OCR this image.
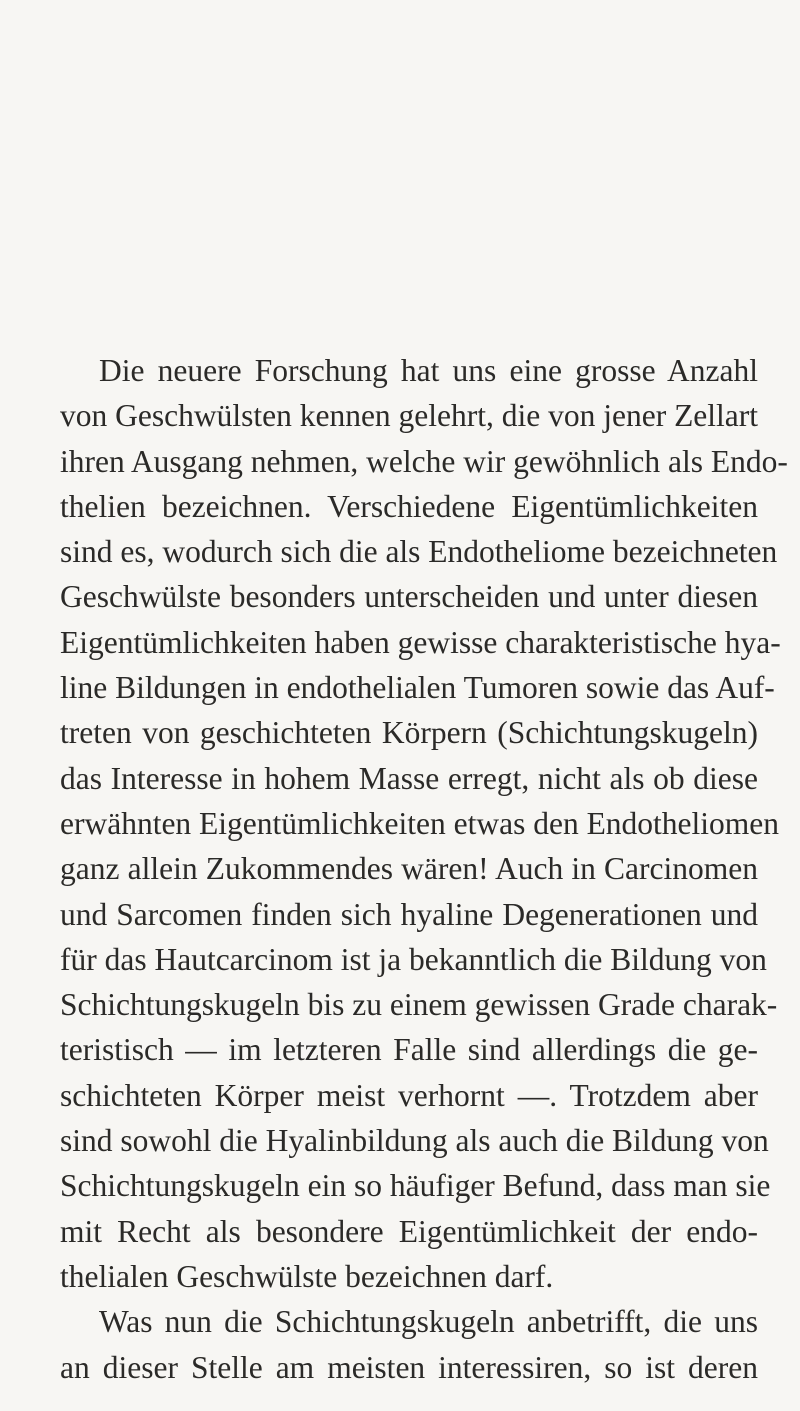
Die neuere Forschung hat uns eine grosse Anzahl
von Geschwülsten kennen gelehrt, die von jener Zellart
ihren Ausgang nehmen, welche wir gewöhnlich als Endo-
thelien bezeichnen. Verschiedene Eigentümlichkeiten
sind es, wodurch sich die als Endotheliome bezeichneten
Geschwülste besonders unterscheiden und unter diesen
Eigentümlichkeiten haben gewisse charakteristische hya-
line Bildungen in endothelialen Tumoren sowie das Auf-
treten von geschichteten Körpern (Schichtungskugeln)
das Interesse in hohem Masse erregt, nicht als ob diese
erwähnten Eigentümlichkeiten etwas den Endotheliomen
ganz allein Zukommendes wären! Auch in Carcinomen
und Sarcomen finden sich hyaline Degenerationen und
für das Hautcarcinom ist ja bekanntlich die Bildung von
Schichtungskugeln bis zu einem gewissen Grade charak-
teristisch — im letzteren Falle sind allerdings die ge-
schichteten Körper meist verhornt —. Trotzdem aber
sind sowohl die Hyalinbildung als auch die Bildung von
Schichtungskugeln ein so häufiger Befund, dass man sie
mit Recht als besondere Eigentümlichkeit der endo-
thelialen Geschwülste bezeichnen darf.
Was nun die Schichtungskugeln anbetrifft, die uns
an dieser Stelle am meisten interessiren, so ist deren
